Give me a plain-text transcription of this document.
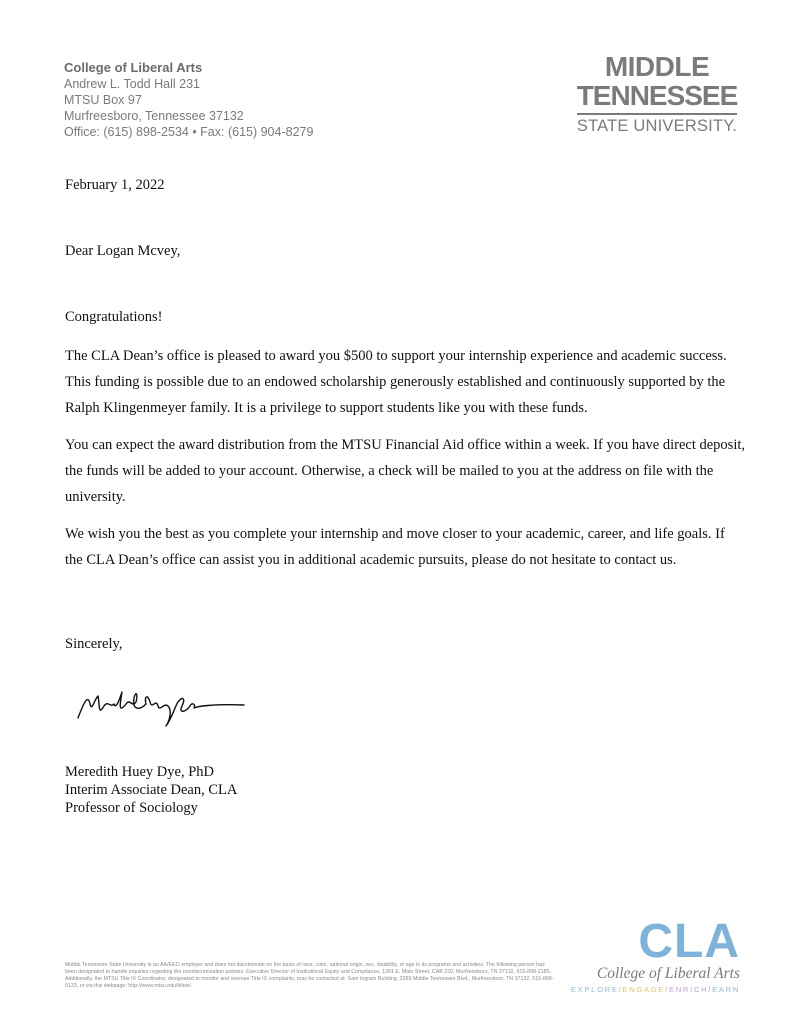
College of Liberal Arts
Andrew L. Todd Hall 231
MTSU Box 97
Murfreesboro, Tennessee 37132
Office: (615) 898-2534 • Fax: (615) 904-8279
MIDDLE
TENNESSEE
STATE UNIVERSITY.
February 1, 2022
Dear Logan Mcvey,
Congratulations!
The CLA Dean’s office is pleased to award you $500 to support your internship experience and academic success. This funding is possible due to an endowed scholarship generously established and continuously supported by the Ralph Klingenmeyer family. It is a privilege to support students like you with these funds.
You can expect the award distribution from the MTSU Financial Aid office within a week. If you have direct deposit, the funds will be added to your account. Otherwise, a check will be mailed to you at the address on file with the university.
We wish you the best as you complete your internship and move closer to your academic, career, and life goals. If the CLA Dean’s office can assist you in additional academic pursuits, please do not hesitate to contact us.
Sincerely,
Meredith Huey Dye, PhD
Interim Associate Dean, CLA
Professor of Sociology
Middle Tennessee State University is an AA/EEO employer and does not discriminate on the basis of race, color, national origin, sex, disability, or age in its programs and activities. The following person has been designated to handle inquiries regarding the nondiscrimination policies: Executive Director of Institutional Equity and Compliance, 1301 E. Main Street, CAB 220, Murfreesboro, TN 37132, 615-898-2185. Additionally, the MTSU Title IX Coordinator, designated to monitor and oversee Title IX complaints, may be contacted at: Sam Ingram Building, 2269 Middle Tennessee Blvd., Murfreesboro, TN 37132, 615-898-5133, or via this webpage: http://www.mtsu.edu/titleix/.
CLA
College of Liberal Arts
EXPLORE/ENGAGE/ENRICH/EARN
